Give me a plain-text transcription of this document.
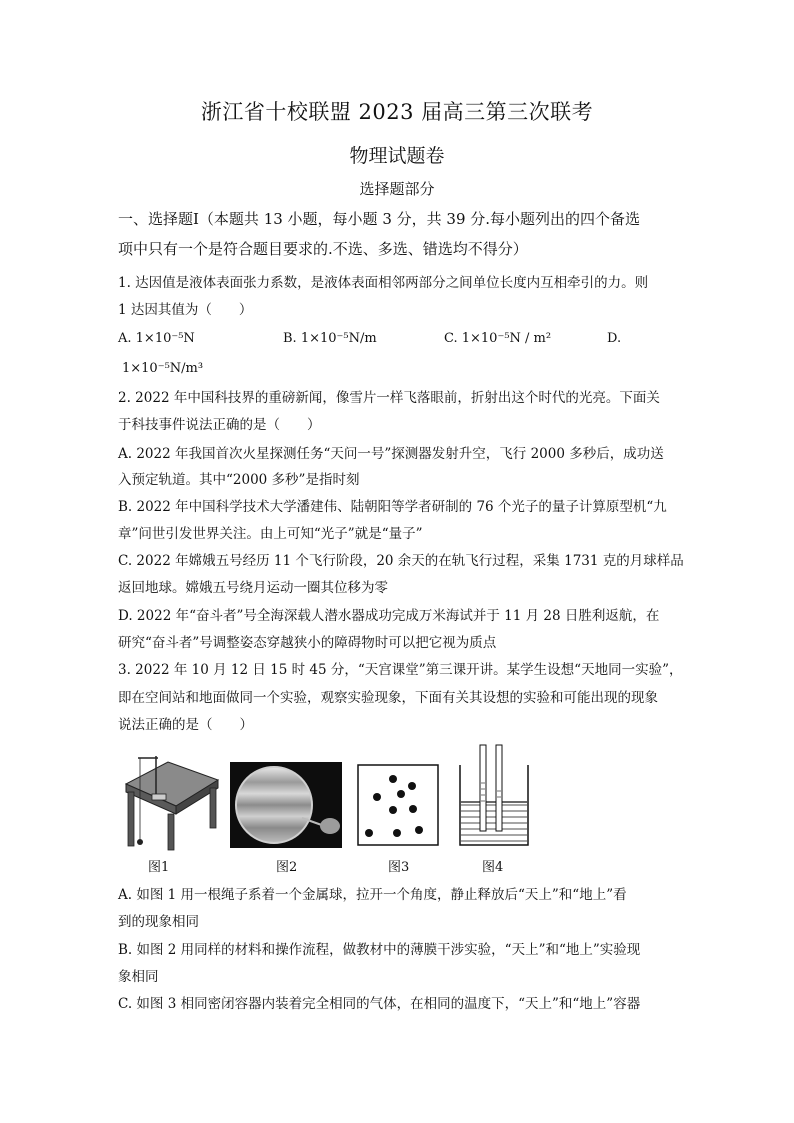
浙江省十校联盟 2023 届高三第三次联考
物理试题卷
选择题部分
一、选择题Ⅰ（本题共 13 小题，每小题 3 分，共 39 分.每小题列出的四个备选
项中只有一个是符合题目要求的.不选、多选、错选均不得分）
1. 达因值是液体表面张力系数，是液体表面相邻两部分之间单位长度内互相牵引的力。则
1 达因其值为（　　）
A. 1×10⁻⁵N	B. 1×10⁻⁵N/m	C. 1×10⁻⁵N / m²	D.
1×10⁻⁵N/m³
2. 2022 年中国科技界的重磅新闻，像雪片一样飞落眼前，折射出这个时代的光亮。下面关
于科技事件说法正确的是（　　）
A. 2022 年我国首次火星探测任务“天问一号”探测器发射升空，飞行 2000 多秒后，成功送
入预定轨道。其中“2000 多秒”是指时刻
B. 2022 年中国科学技术大学潘建伟、陆朝阳等学者研制的 76 个光子的量子计算原型机“九
章”问世引发世界关注。由上可知“光子”就是“量子”
C. 2022 年嫦娥五号经历 11 个飞行阶段，20 余天的在轨飞行过程，采集 1731 克的月球样品
返回地球。嫦娥五号绕月运动一圈其位移为零
D. 2022 年“奋斗者”号全海深载人潜水器成功完成万米海试并于 11 月 28 日胜利返航，在
研究“奋斗者”号调整姿态穿越狭小的障碍物时可以把它视为质点
3. 2022 年 10 月 12 日 15 时 45 分，“天宫课堂”第三课开讲。某学生设想“天地同一实验”，
即在空间站和地面做同一个实验，观察实验现象，下面有关其设想的实验和可能出现的现象
说法正确的是（　　）
图1	图2	图3	图4
A. 如图 1 用一根绳子系着一个金属球，拉开一个角度，静止释放后“天上”和“地上”看
到的现象相同
B. 如图 2 用同样的材料和操作流程，做教材中的薄膜干涉实验，“天上”和“地上”实验现
象相同
C. 如图 3 相同密闭容器内装着完全相同的气体，在相同的温度下，“天上”和“地上”容器
